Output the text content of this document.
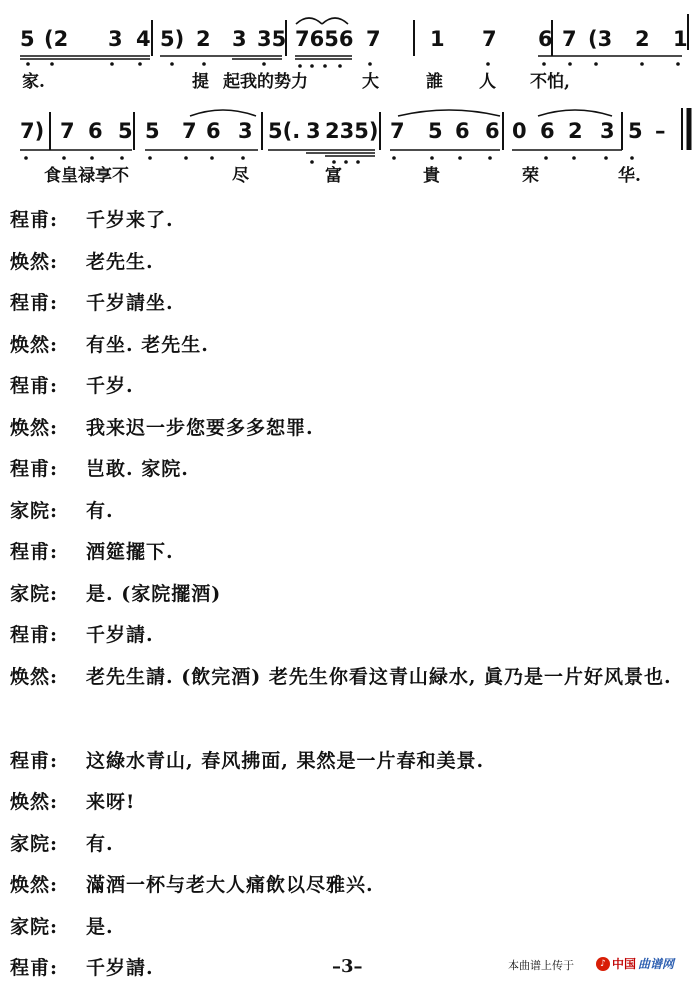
5 (2 3 4 5) 2 3 35 7656 7 1 7 6 7 (3 2 1
家.	提 起我的势力	大	誰 人 不怕,
7) 7 6 5 5 7 6 3 5(. 3 235) 7 5 6 6 0 6 2 3 5 –
食皇禄享不	尽	富	貴	荣	华.
程甫: 千岁来了.
焕然: 老先生.
程甫: 千岁請坐.
焕然: 有坐. 老先生.
程甫: 千岁.
焕然: 我来迟一步您要多多恕罪.
程甫: 岂敢. 家院.
家院: 有.
程甫: 酒筵擺下.
家院: 是. (家院擺酒)
程甫: 千岁請.
焕然: 老先生請. (飲完酒) 老先生你看这青山緑水, 眞乃是一片好风景也.
程甫: 这綠水青山, 春风拂面, 果然是一片春和美景.
焕然: 来呀!
家院: 有.
焕然: 滿酒一杯与老大人痛飲以尽雅兴.
家院: 是.
程甫: 千岁請.	–3–	本曲谱上传于	♪ 中国 曲谱网
